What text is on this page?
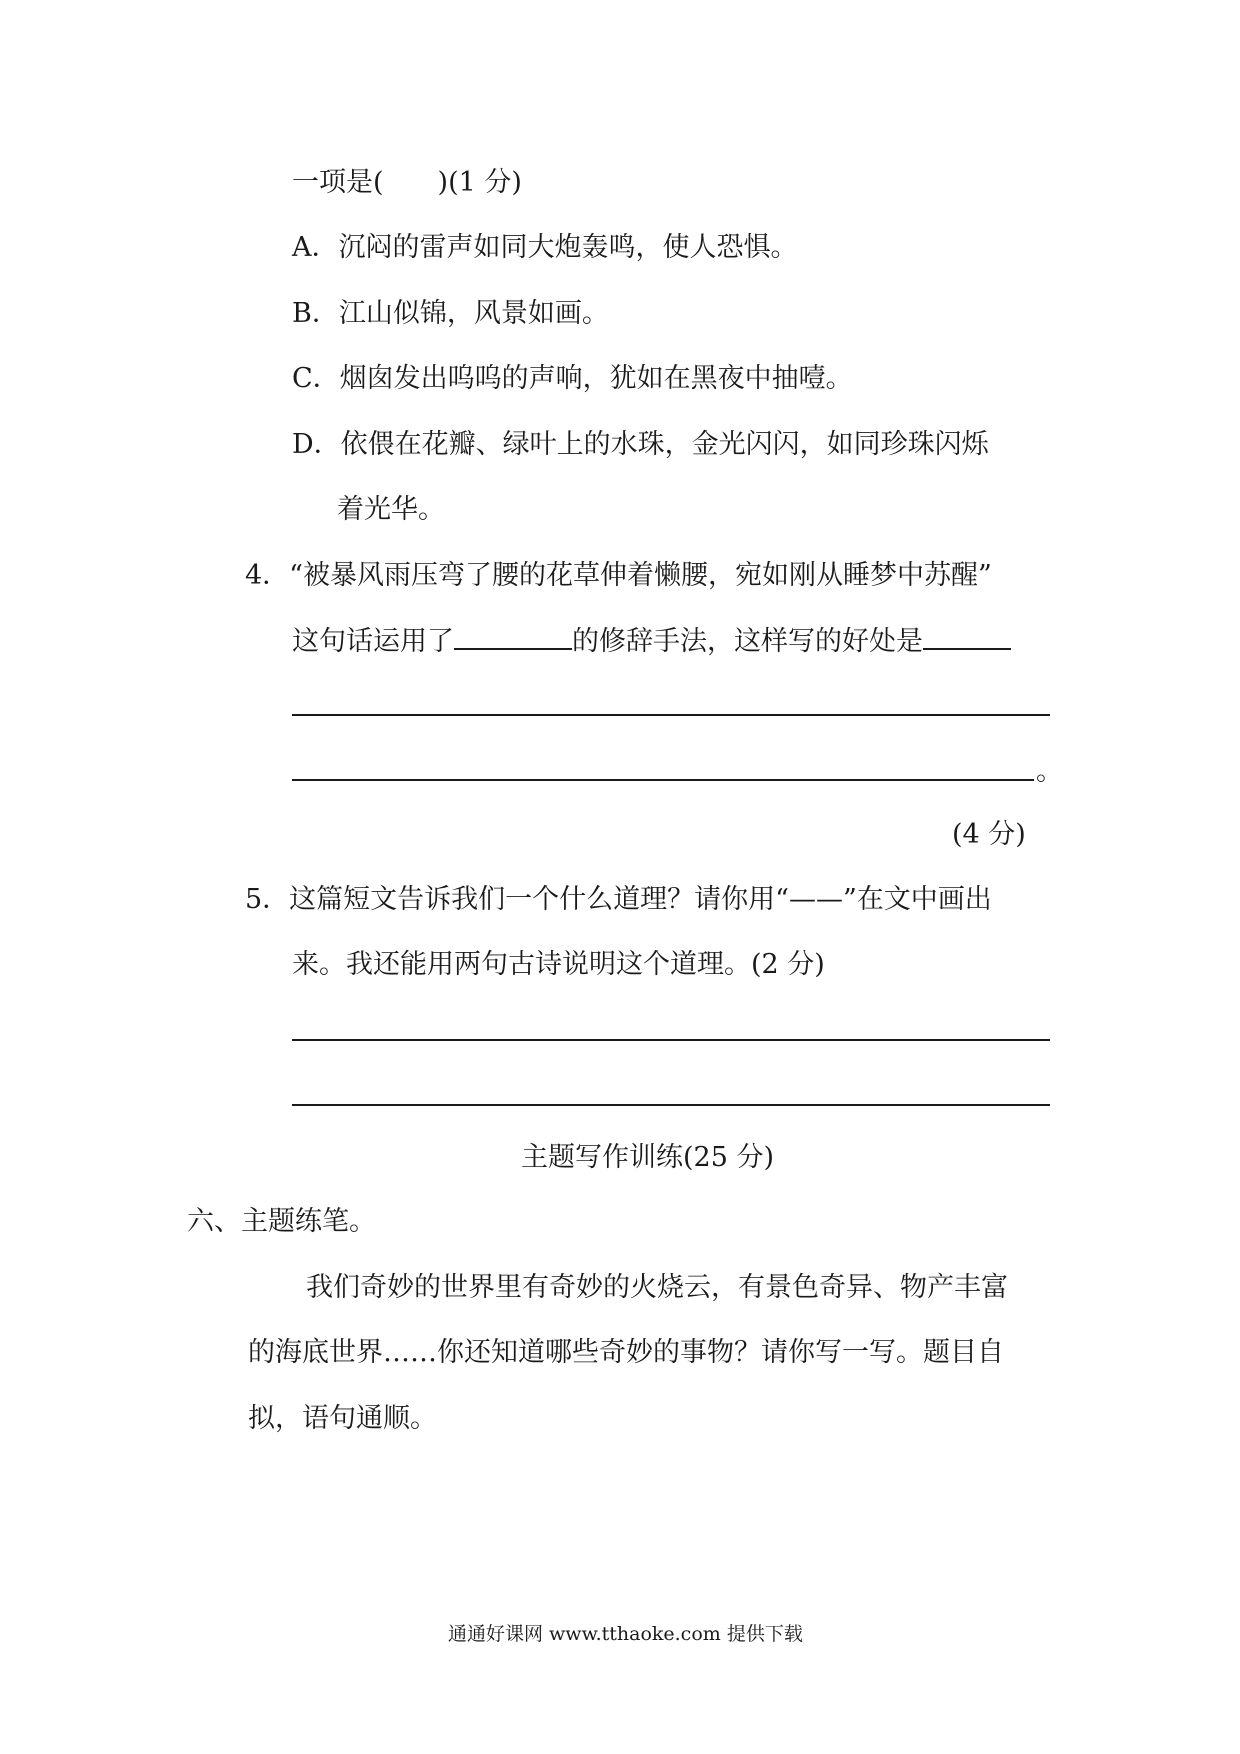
一项是(　　)(1 分)
A．沉闷的雷声如同大炮轰鸣，使人恐惧。
B．江山似锦，风景如画。
C．烟囱发出呜呜的声响，犹如在黑夜中抽噎。
D．依偎在花瓣、绿叶上的水珠，金光闪闪，如同珍珠闪烁
着光华。
4．“被暴风雨压弯了腰的花草伸着懒腰，宛如刚从睡梦中苏醒”
这句话运用了	的修辞手法，这样写的好处是
。
(4 分)
5．这篇短文告诉我们一个什么道理？请你用“——”在文中画出
来。我还能用两句古诗说明这个道理。(2 分)
主题写作训练(25 分)
六、主题练笔。
我们奇妙的世界里有奇妙的火烧云，有景色奇异、物产丰富
的海底世界……你还知道哪些奇妙的事物？请你写一写。题目自
拟，语句通顺。
通通好课网 www.tthaoke.com 提供下载
